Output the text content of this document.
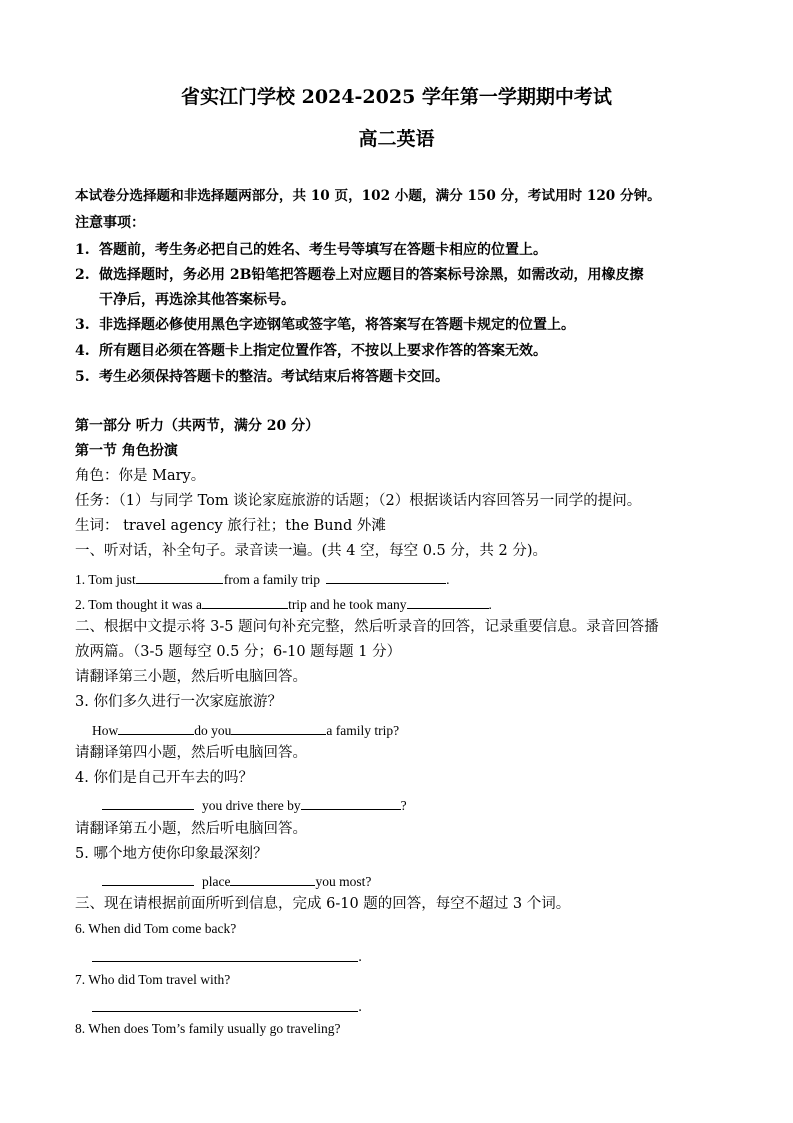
省实江门学校 2024-2025 学年第一学期期中考试
高二英语
本试卷分选择题和非选择题两部分，共 10 页，102 小题，满分 150 分，考试用时 120 分钟。
注意事项：
1. 答题前，考生务必把自己的姓名、考生号等填写在答题卡相应的位置上。
2. 做选择题时，务必用 2B铅笔把答题卷上对应题目的答案标号涂黑，如需改动，用橡皮擦
干净后，再选涂其他答案标号。
3. 非选择题必修使用黑色字迹钢笔或签字笔，将答案写在答题卡规定的位置上。
4. 所有题目必须在答题卡上指定位置作答，不按以上要求作答的答案无效。
5. 考生必须保持答题卡的整洁。考试结束后将答题卡交回。
第一部分 听力（共两节，满分 20 分）
第一节 角色扮演
角色：你是 Mary。
任务：（1）与同学 Tom 谈论家庭旅游的话题；（2）根据谈话内容回答另一同学的提问。
生词： travel agency 旅行社；the Bund 外滩
一、听对话，补全句子。录音读一遍。(共 4 空，每空 0.5 分，共 2 分)。
1. Tom just	from a family trip	.
2. Tom thought it was a	trip and he took many	.
二、根据中文提示将 3-5 题问句补充完整，然后听录音的回答，记录重要信息。录音回答播
放两篇。（3-5 题每空 0.5 分；6-10 题每题 1 分）
请翻译第三小题，然后听电脑回答。
3. 你们多久进行一次家庭旅游？
How	do you	a family trip?
请翻译第四小题，然后听电脑回答。
4. 你们是自己开车去的吗？
you drive there by	?
请翻译第五小题，然后听电脑回答。
5. 哪个地方使你印象最深刻？
place	you most?
三、现在请根据前面所听到信息，完成 6-10 题的回答，每空不超过 3 个词。
6. When did Tom come back?
.
7. Who did Tom travel with?
.
8. When does Tom’s family usually go traveling?
